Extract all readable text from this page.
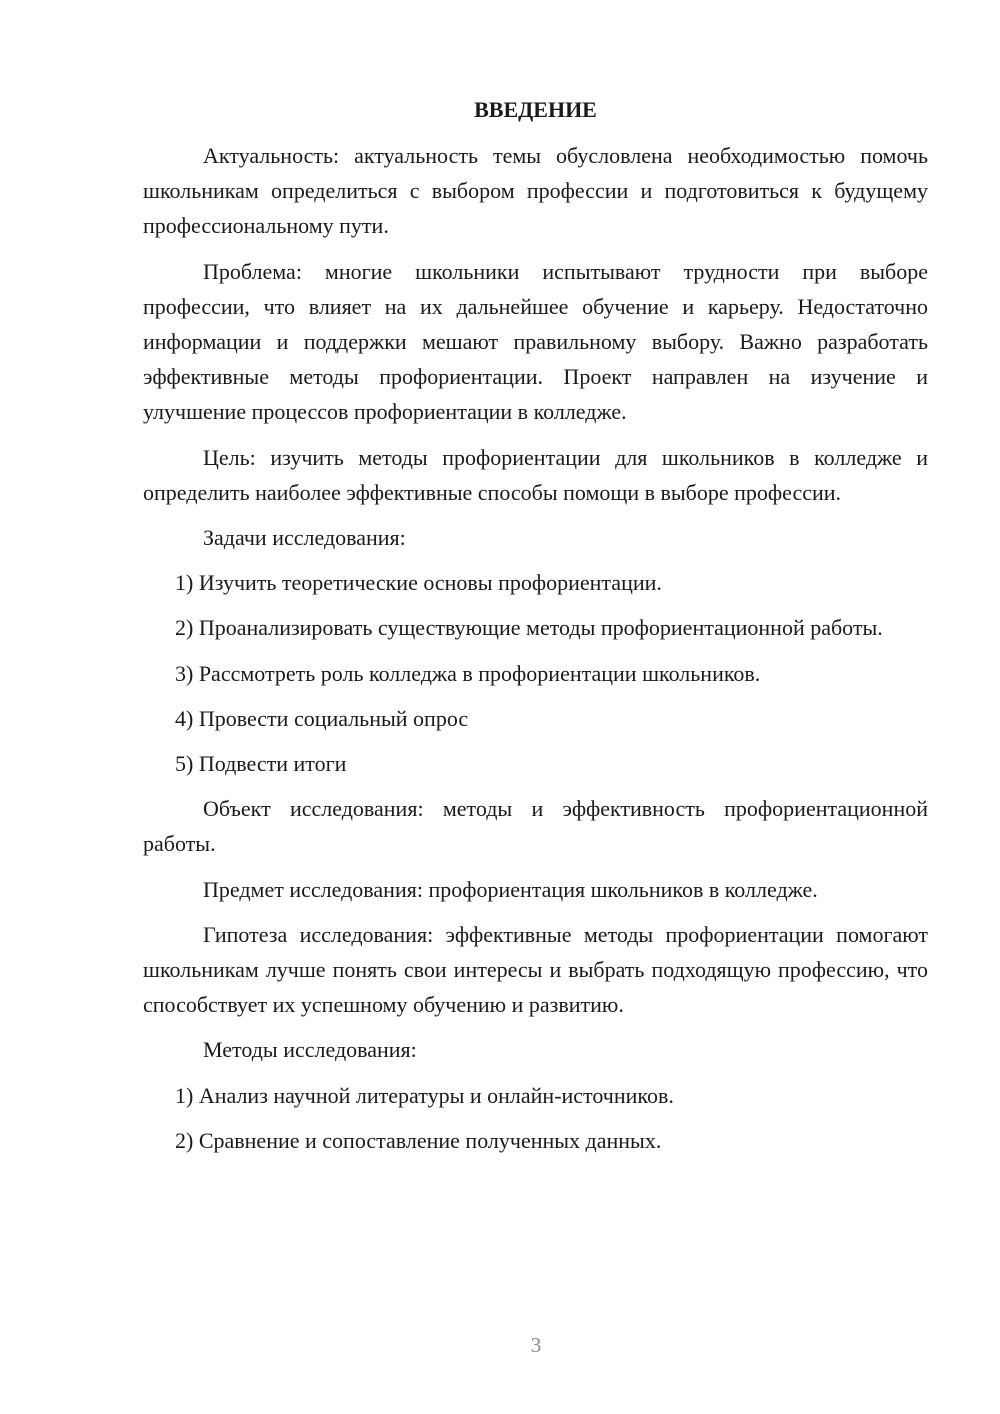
ВВЕДЕНИЕ

Актуальность: актуальность темы обусловлена необходимостью помочь школьникам определиться с выбором профессии и подготовиться к будущему профессиональному пути.

Проблема: многие школьники испытывают трудности при выборе профессии, что влияет на их дальнейшее обучение и карьеру. Недостаточно информации и поддержки мешают правильному выбору. Важно разработать эффективные методы профориентации. Проект направлен на изучение и улучшение процессов профориентации в колледже.

Цель: изучить методы профориентации для школьников в колледже и определить наиболее эффективные способы помощи в выборе профессии.

Задачи исследования:

1) Изучить теоретические основы профориентации.

2) Проанализировать существующие методы профориентационной работы.

3) Рассмотреть роль колледжа в профориентации школьников.

4) Провести социальный опрос

5) Подвести итоги

Объект исследования: методы и эффективность профориентационной работы.

Предмет исследования: профориентация школьников в колледже.

Гипотеза исследования: эффективные методы профориентации помогают школьникам лучше понять свои интересы и выбрать подходящую профессию, что способствует их успешному обучению и развитию.

Методы исследования:

1) Анализ научной литературы и онлайн-источников.

2) Сравнение и сопоставление полученных данных.

3
